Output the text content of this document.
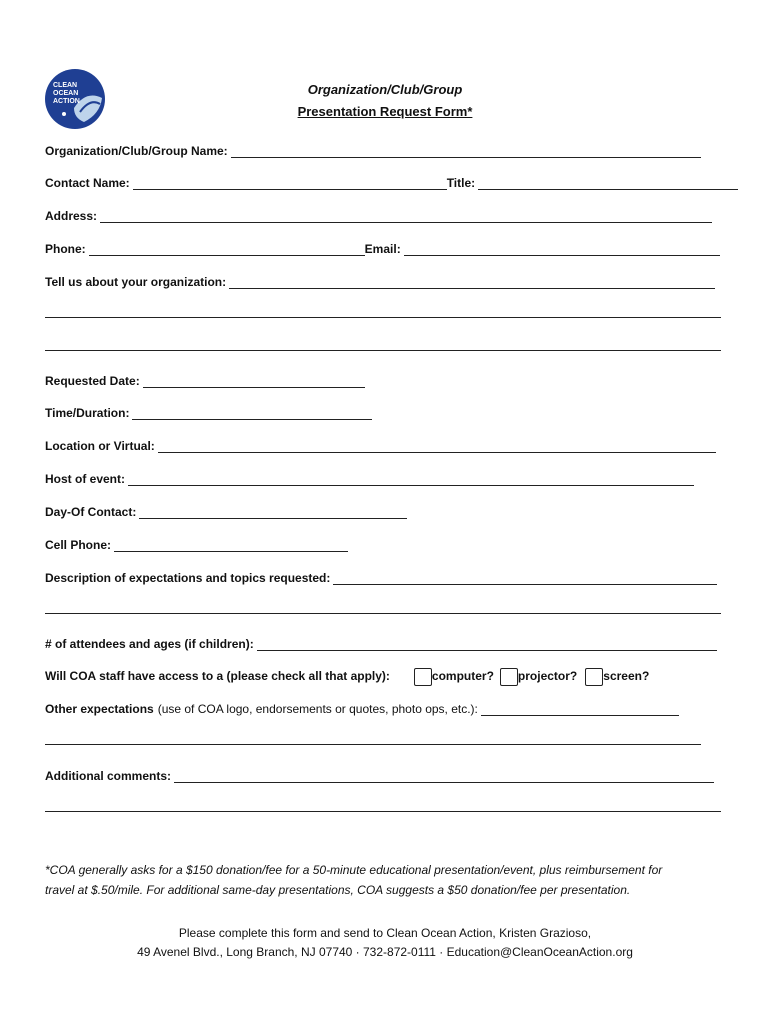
CLEAN
OCEAN
ACTION
Organization/Club/Group
Presentation Request Form*
Organization/Club/Group Name:
Contact Name:	Title:
Address:
Phone:	Email:
Tell us about your organization:
Requested Date:
Time/Duration:
Location or Virtual:
Host of event:
Day-Of Contact:
Cell Phone:
Description of expectations and topics requested:
# of attendees and ages (if children):
Will COA staff have access to a (please check all that apply):	computer? projector? screen?
Other expectations (use of COA logo, endorsements or quotes, photo ops, etc.):
Additional comments:
*COA generally asks for a $150 donation/fee for a 50-minute educational presentation/event, plus reimbursement for
travel at $.50/mile. For additional same-day presentations, COA suggests a $50 donation/fee per presentation.
Please complete this form and send to Clean Ocean Action, Kristen Grazioso,
49 Avenel Blvd., Long Branch, NJ 07740 · 732-872-0111 · Education@CleanOceanAction.org
